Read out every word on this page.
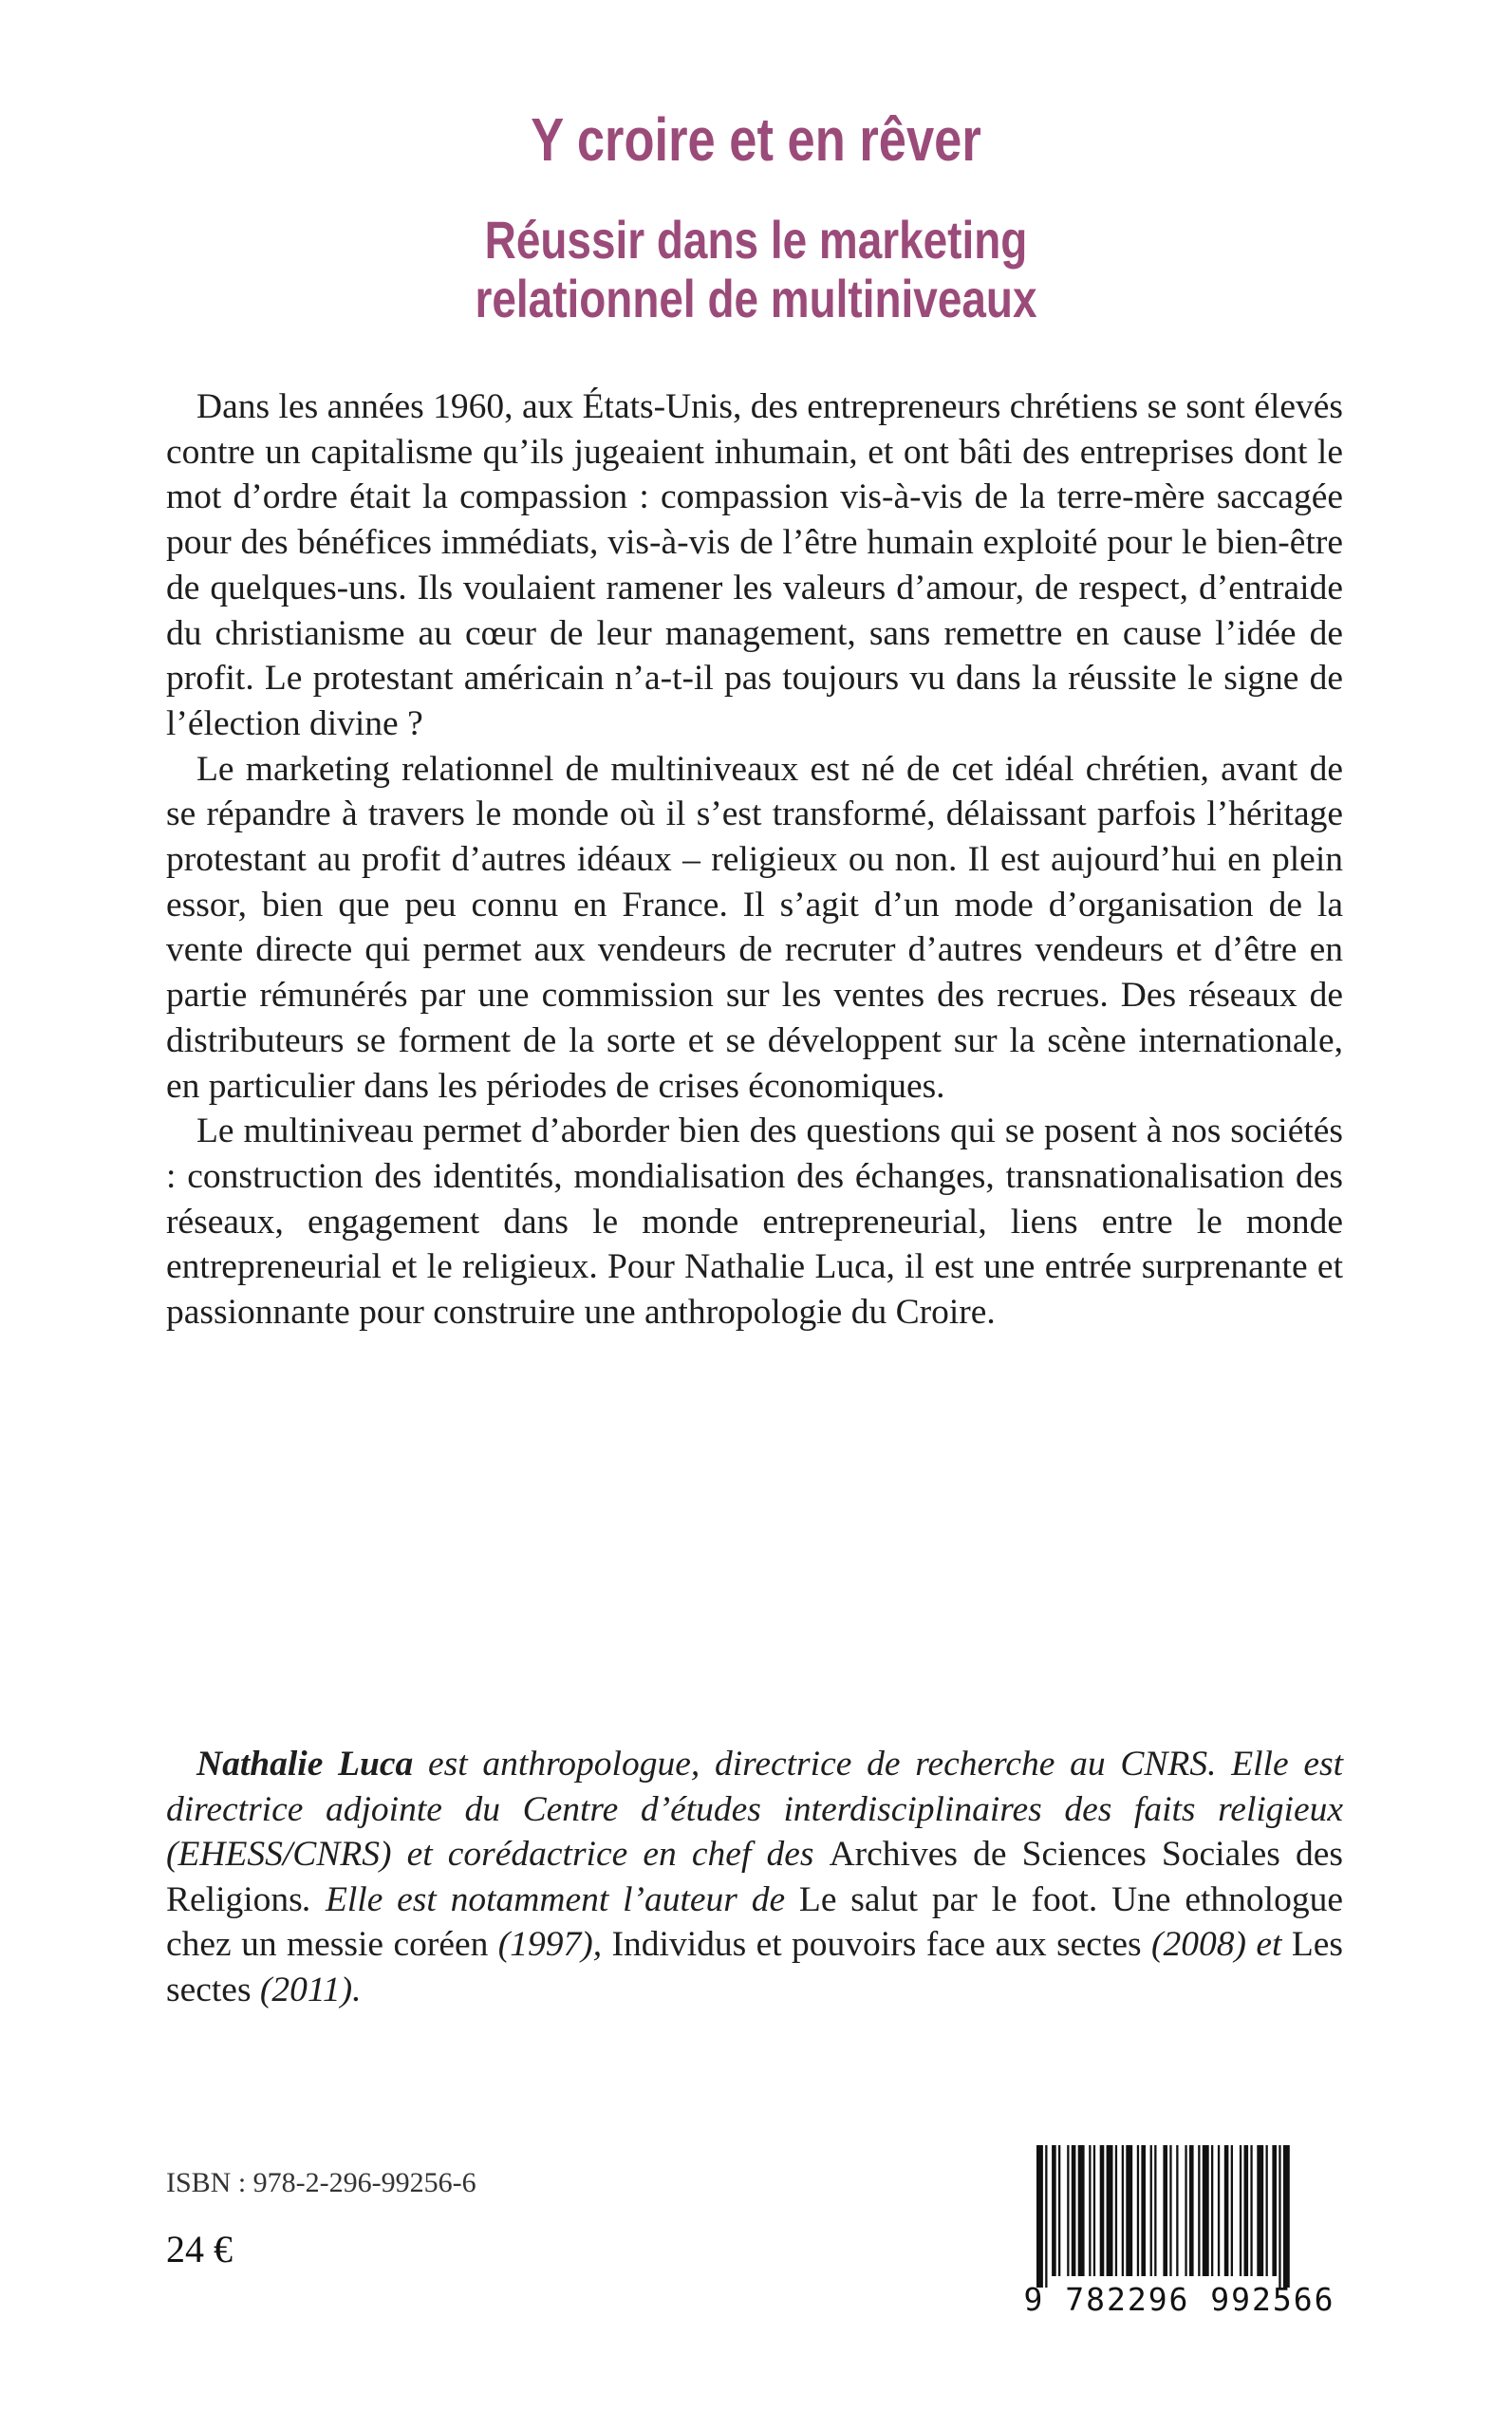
Y croire et en rêver
Réussir dans le marketing
relationnel de multiniveaux

Dans les années 1960, aux États-Unis, des entrepreneurs chrétiens se sont élevés contre un capitalisme qu’ils jugeaient inhumain, et ont bâti des entreprises dont le mot d’ordre était la compassion : compassion vis-à-vis de la terre-mère saccagée pour des bénéfices immédiats, vis-à-vis de l’être humain exploité pour le bien-être de quelques-uns. Ils voulaient ramener les valeurs d’amour, de respect, d’entraide du christianisme au cœur de leur management, sans remettre en cause l’idée de profit. Le protestant américain n’a-t-il pas toujours vu dans la réussite le signe de l’élection divine ?

Le marketing relationnel de multiniveaux est né de cet idéal chrétien, avant de se répandre à travers le monde où il s’est transformé, délaissant parfois l’héritage protestant au profit d’autres idéaux – religieux ou non. Il est aujourd’hui en plein essor, bien que peu connu en France. Il s’agit d’un mode d’organisation de la vente directe qui permet aux vendeurs de recruter d’autres vendeurs et d’être en partie rémunérés par une commission sur les ventes des recrues. Des réseaux de distributeurs se forment de la sorte et se développent sur la scène internationale, en particulier dans les périodes de crises économiques.

Le multiniveau permet d’aborder bien des questions qui se posent à nos sociétés : construction des identités, mondialisation des échanges, transnationalisation des réseaux, engagement dans le monde entrepreneurial, liens entre le monde entrepreneurial et le religieux. Pour Nathalie Luca, il est une entrée surprenante et passionnante pour construire une anthropologie du Croire.

Nathalie Luca est anthropologue, directrice de recherche au CNRS. Elle est directrice adjointe du Centre d’études interdisciplinaires des faits religieux (EHESS/CNRS) et corédactrice en chef des Archives de Sciences Sociales des Religions. Elle est notamment l’auteur de Le salut par le foot. Une ethnologue chez un messie coréen (1997), Individus et pouvoirs face aux sectes (2008) et Les sectes (2011).

ISBN : 978-2-296-99256-6
24 €
9 782296 992566
